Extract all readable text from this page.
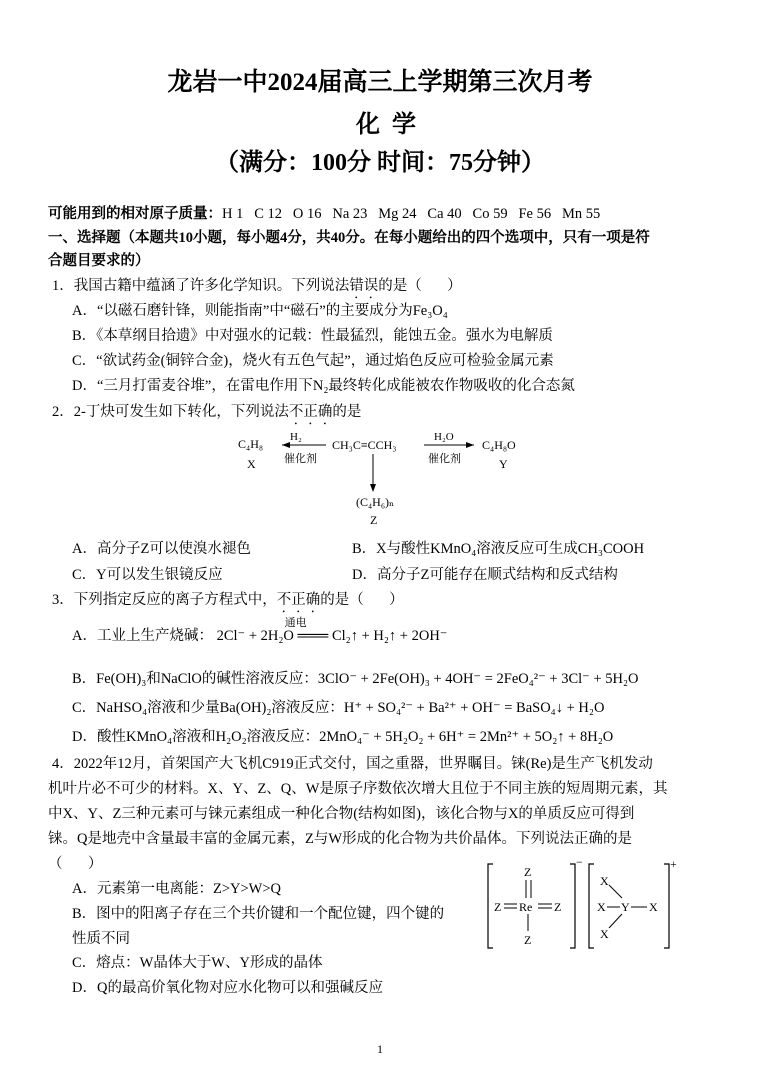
龙岩一中2024届高三上学期第三次月考
化学
（满分：100分 时间：75分钟）
可能用到的相对原子质量：H 1   C 12   O 16   Na 23   Mg 24   Ca 40   Co 59   Fe 56   Mn 55
一、选择题（本题共10小题，每小题4分，共40分。在每小题给出的四个选项中，只有一项是符
合题目要求的）
1．我国古籍中蕴涵了许多化学知识。下列说法错误的是（       ）
A．“以磁石磨针锋，则能指南”中“磁石”的主要成分为Fe₃O₄
B．《本草纲目拾遗》中对强水的记载：性最猛烈，能蚀五金。强水为电解质
C．“欲试药金(铜锌合金)，烧火有五色气起”，通过焰色反应可检验金属元素
D．“三月打雷麦谷堆”，在雷电作用下N₂最终转化成能被农作物吸收的化合态氮
2．2-丁炔可发生如下转化，下列说法不正确的是
C₄H₈
X
H₂
催化剂
CH₃C≡CCH₃
H₂O
催化剂
C₄H₈O
Y
(C₄H₆)ₙ
Z
A．高分子Z可以使溴水褪色	B．X与酸性KMnO₄溶液反应可生成CH₃COOH
C．Y可以发生银镜反应	D．高分子Z可能存在顺式结构和反式结构
3．下列指定反应的离子方程式中，不正确的是（       ）
A．工业上生产烧碱：
通电
2Cl⁻ + 2H₂O ═══ Cl₂↑ + H₂↑ + 2OH⁻
B．Fe(OH)₃和NaClO的碱性溶液反应：3ClO⁻ + 2Fe(OH)₃ + 4OH⁻ = 2FeO₄²⁻ + 3Cl⁻ + 5H₂O
C．NaHSO₄溶液和少量Ba(OH)₂溶液反应：H⁺ + SO₄²⁻ + Ba²⁺ + OH⁻ = BaSO₄↓ + H₂O
D．酸性KMnO₄溶液和H₂O₂溶液反应：2MnO₄⁻ + 5H₂O₂ + 6H⁺ = 2Mn²⁺ + 5O₂↑ + 8H₂O
4．2022年12月，首架国产大飞机C919正式交付，国之重器，世界瞩目。铼(Re)是生产飞机发动
机叶片必不可少的材料。X、Y、Z、Q、W是原子序数依次增大且位于不同主族的短周期元素，其
中X、Y、Z三种元素可与铼元素组成一种化合物(结构如图)，该化合物与X的单质反应可得到
铼。Q是地壳中含量最丰富的金属元素，Z与W形成的化合物为共价晶体。下列说法正确的是
（       ）
A．元素第一电离能：Z>Y>W>Q
B．图中的阳离子存在三个共价键和一个配位键，四个键的
性质不同
C．熔点：W晶体大于W、Y形成的晶体
D．Q的最高价氧化物对应水化物可以和强碱反应
−
Z
Z Re Z
Z
+
X
X Y X
X
1
